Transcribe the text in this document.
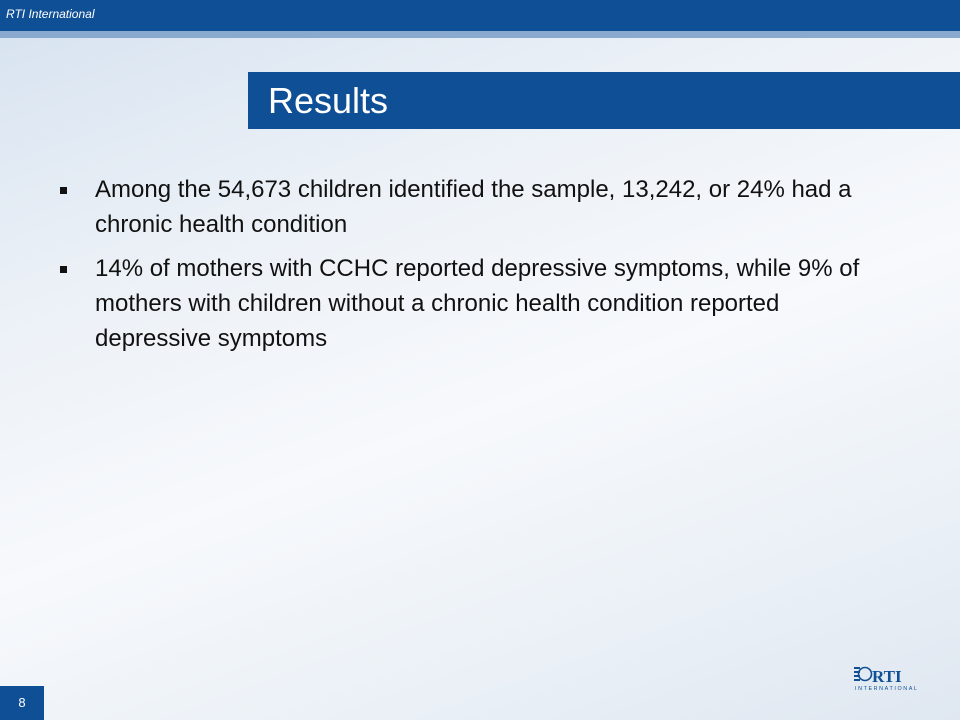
RTI International
Results
Among the 54,673 children identified the sample, 13,242, or 24% had a chronic health condition
14% of mothers with CCHC reported depressive symptoms, while 9% of mothers with children without a chronic health condition reported depressive symptoms
8
RTI
INTERNATIONAL
